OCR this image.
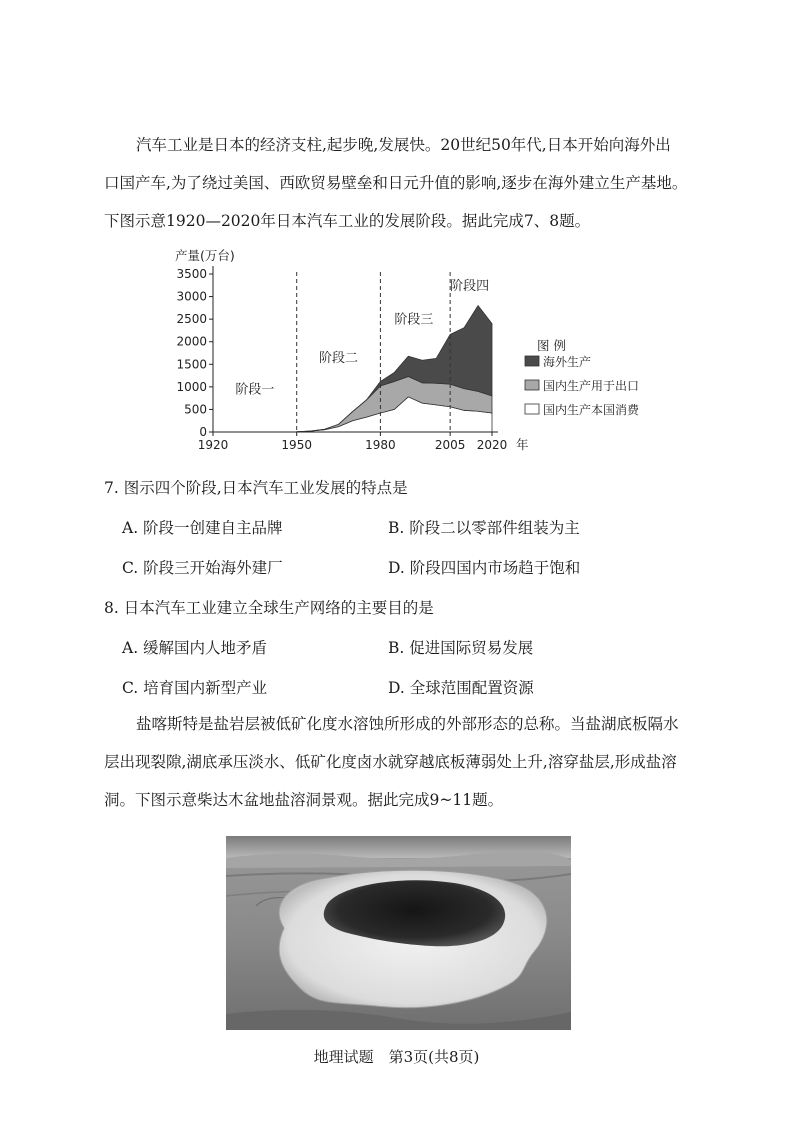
汽车工业是日本的经济支柱,起步晚,发展快。20世纪50年代,日本开始向海外出
口国产车,为了绕过美国、西欧贸易壁垒和日元升值的影响,逐步在海外建立生产基地。
下图示意1920—2020年日本汽车工业的发展阶段。据此完成7、8题。
0
500
1000
1500
2000
2500
3000
3500
1920	1950	1980	2005 2020
产量(万台)
年
阶段一
阶段二
阶段三
阶段四
图 例
海外生产
国内生产用于出口
国内生产本国消费
7. 图示四个阶段,日本汽车工业发展的特点是
A. 阶段一创建自主品牌	B. 阶段二以零部件组装为主
C. 阶段三开始海外建厂	D. 阶段四国内市场趋于饱和
8. 日本汽车工业建立全球生产网络的主要目的是
A. 缓解国内人地矛盾	B. 促进国际贸易发展
C. 培育国内新型产业	D. 全球范围配置资源
盐喀斯特是盐岩层被低矿化度水溶蚀所形成的外部形态的总称。当盐湖底板隔水
层出现裂隙,湖底承压淡水、低矿化度卤水就穿越底板薄弱处上升,溶穿盐层,形成盐溶
洞。下图示意柴达木盆地盐溶洞景观。据此完成9~11题。
地理试题　第3页(共8页)
